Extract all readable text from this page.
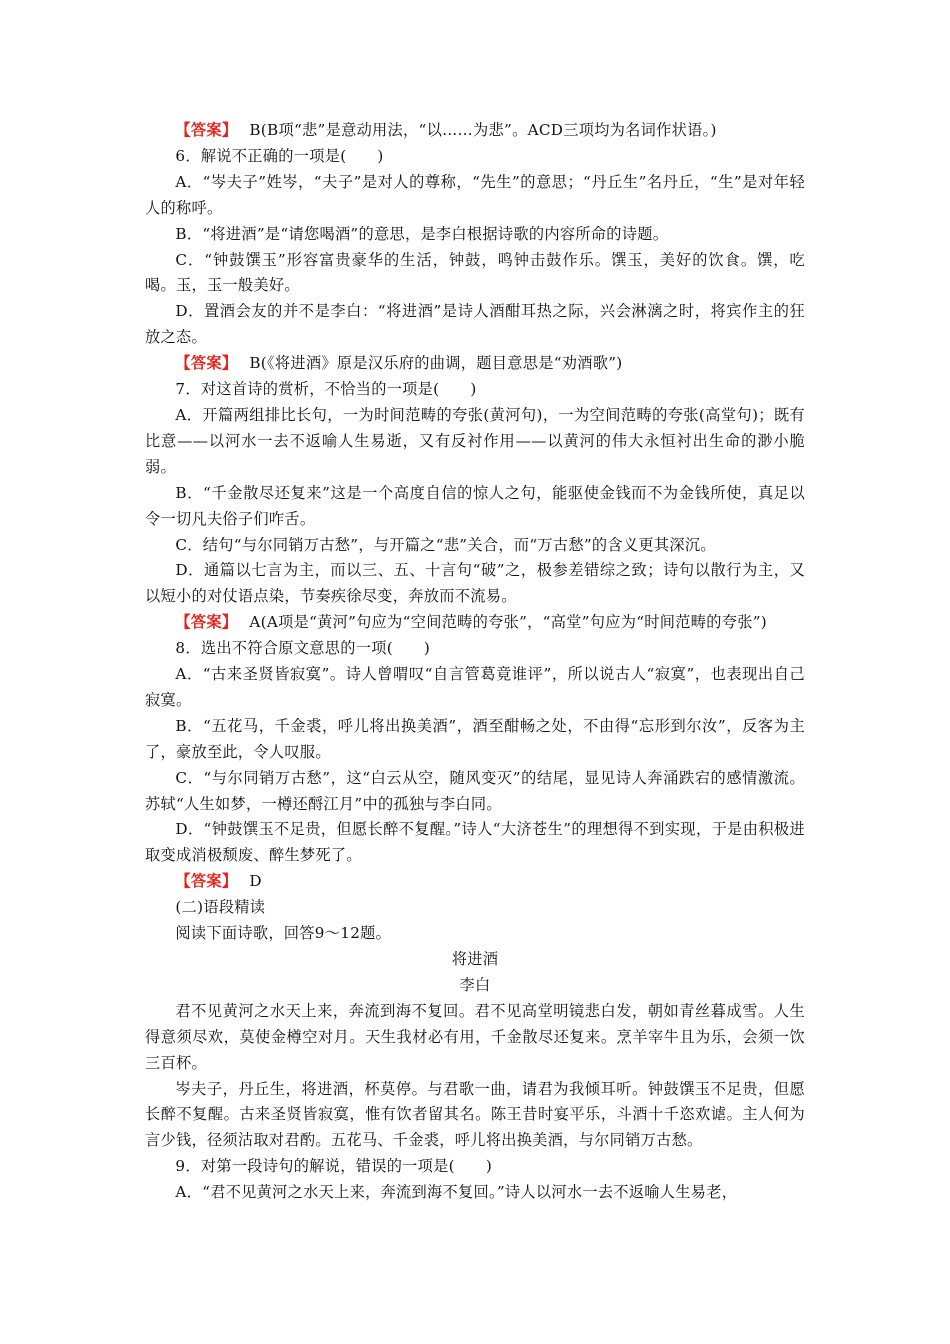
【答案】 B(B项“悲”是意动用法，“以……为悲”。ACD三项均为名词作状语。)

6．解说不正确的一项是(　　)

A．“岑夫子”姓岑，“夫子”是对人的尊称，“先生”的意思；“丹丘生”名丹丘，“生”是对年轻人的称呼。

B．“将进酒”是“请您喝酒”的意思，是李白根据诗歌的内容所命的诗题。

C．“钟鼓馔玉”形容富贵豪华的生活，钟鼓，鸣钟击鼓作乐。馔玉，美好的饮食。馔，吃喝。玉，玉一般美好。

D．置酒会友的并不是李白：“将进酒”是诗人酒酣耳热之际，兴会淋漓之时，将宾作主的狂放之态。

【答案】 B(《将进酒》原是汉乐府的曲调，题目意思是“劝酒歌”)

7．对这首诗的赏析，不恰当的一项是(　　)

A．开篇两组排比长句，一为时间范畴的夸张(黄河句)，一为空间范畴的夸张(高堂句)；既有比意——以河水一去不返喻人生易逝，又有反衬作用——以黄河的伟大永恒衬出生命的渺小脆弱。

B．“千金散尽还复来”这是一个高度自信的惊人之句，能驱使金钱而不为金钱所使，真足以令一切凡夫俗子们咋舌。

C．结句“与尔同销万古愁”，与开篇之“悲”关合，而“万古愁”的含义更其深沉。

D．通篇以七言为主，而以三、五、十言句“破”之，极参差错综之致；诗句以散行为主，又以短小的对仗语点染，节奏疾徐尽变，奔放而不流易。

【答案】 A(A项是“黄河”句应为“空间范畴的夸张”，“高堂”句应为“时间范畴的夸张”)

8．选出不符合原文意思的一项(　　)

A．“古来圣贤皆寂寞”。诗人曾喟叹“自言管葛竟谁评”，所以说古人“寂寞”，也表现出自己寂寞。

B．“五花马，千金裘，呼儿将出换美酒”，酒至酣畅之处，不由得“忘形到尔汝”，反客为主了，豪放至此，令人叹服。

C．“与尔同销万古愁”，这“白云从空，随风变灭”的结尾，显见诗人奔涌跌宕的感情激流。苏轼“人生如梦，一樽还酹江月”中的孤独与李白同。

D．“钟鼓馔玉不足贵，但愿长醉不复醒。”诗人“大济苍生”的理想得不到实现，于是由积极进取变成消极颓废、醉生梦死了。

【答案】 D

(二)语段精读

阅读下面诗歌，回答9～12题。

将进酒

李白

君不见黄河之水天上来，奔流到海不复回。君不见高堂明镜悲白发，朝如青丝暮成雪。人生得意须尽欢，莫使金樽空对月。天生我材必有用，千金散尽还复来。烹羊宰牛且为乐，会须一饮三百杯。

岑夫子，丹丘生，将进酒，杯莫停。与君歌一曲，请君为我倾耳听。钟鼓馔玉不足贵，但愿长醉不复醒。古来圣贤皆寂寞，惟有饮者留其名。陈王昔时宴平乐，斗酒十千恣欢谑。主人何为言少钱，径须沽取对君酌。五花马、千金裘，呼儿将出换美酒，与尔同销万古愁。

9．对第一段诗句的解说，错误的一项是(　　)

A．“君不见黄河之水天上来，奔流到海不复回。”诗人以河水一去不返喻人生易老，
